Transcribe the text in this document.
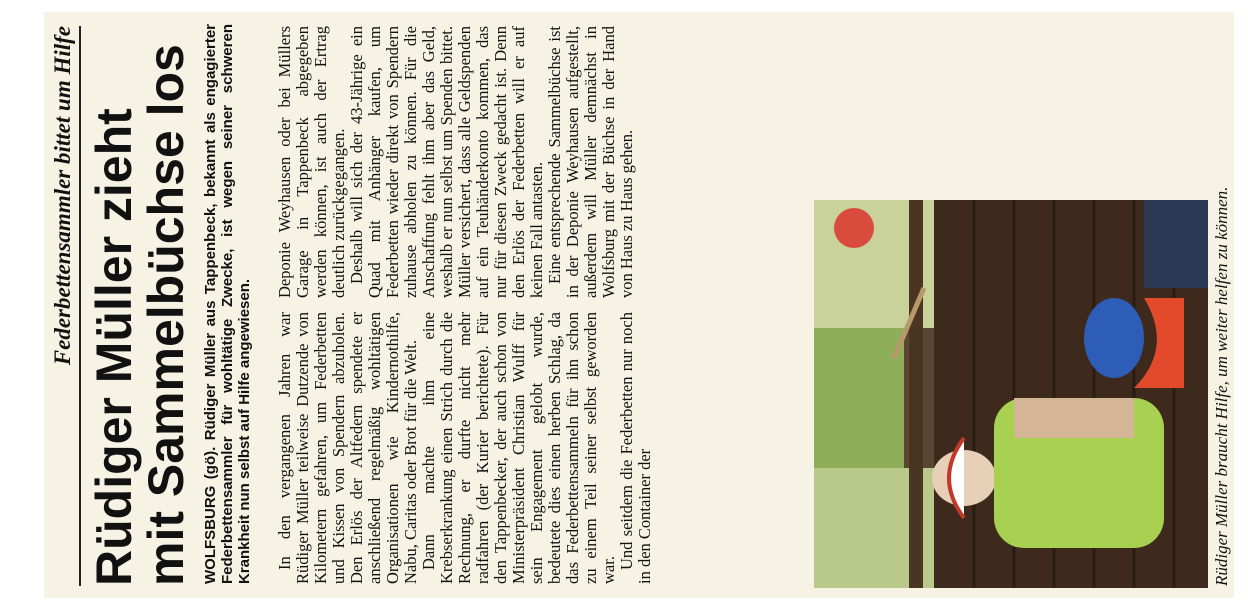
Federbettensammler bittet um Hilfe Rüdiger Müller zieht
mit Sammelbüchse los WOLFSBURG (gö). Rüdiger Müller aus Tappenbeck, bekannt als engagierter Federbettensammler für wohltätige Zwecke, ist wegen seiner schweren Krankheit nun selbst auf Hilfe angewiesen. In den vergangenen Jahren war Rüdiger Müller teilweise Dutzende von Kilometern gefahren, um Federbetten und Kissen von Spendern abzuholen. Den Erlös der Altfedern spendete er anschließend regelmäßig wohltätigen Organisationen wie Kindernothilfe, Nabu, Caritas oder Brot für die Welt. Dann machte ihm eine Krebserkrankung einen Strich durch die Rechnung, er durfte nicht mehr radfahren (der Kurier berichtete). Für den Tappenbecker, der auch schon von Ministerpräsident Christian Wulff für sein Engagement gelobt wurde, bedeutete dies einen herben Schlag, da das Federbettensammeln für ihn schon zu einem Teil seiner selbst geworden war.

Und seitdem die Federbetten nur noch in den Container der

Deponie Weyhausen oder bei Müllers Garage in Tappenbeck abgegeben werden können, ist auch der Ertrag deutlich zurückgegangen. Deshalb will sich der 43-Jährige ein Quad mit Anhänger kaufen, um Federbetten wieder direkt von Spendern zuhause abholen zu können. Für die Anschaffung fehlt ihm aber das Geld, weshalb er nun selbst um Spenden bittet. Müller versichert, dass alle Geldspenden auf ein Teuhänderkonto kommen, das nur für diesen Zweck gedacht ist. Denn den Erlös der Federbetten will er auf keinen Fall antasten. Eine entsprechende Sammelbüchse ist in der Deponie Weyhausen aufgestellt, außerdem will Müller demnächst in Wolfsburg mit der Büchse in der Hand von Haus zu Haus gehen.	Rüdiger Müller braucht Hilfe, um weiter helfen zu können.
